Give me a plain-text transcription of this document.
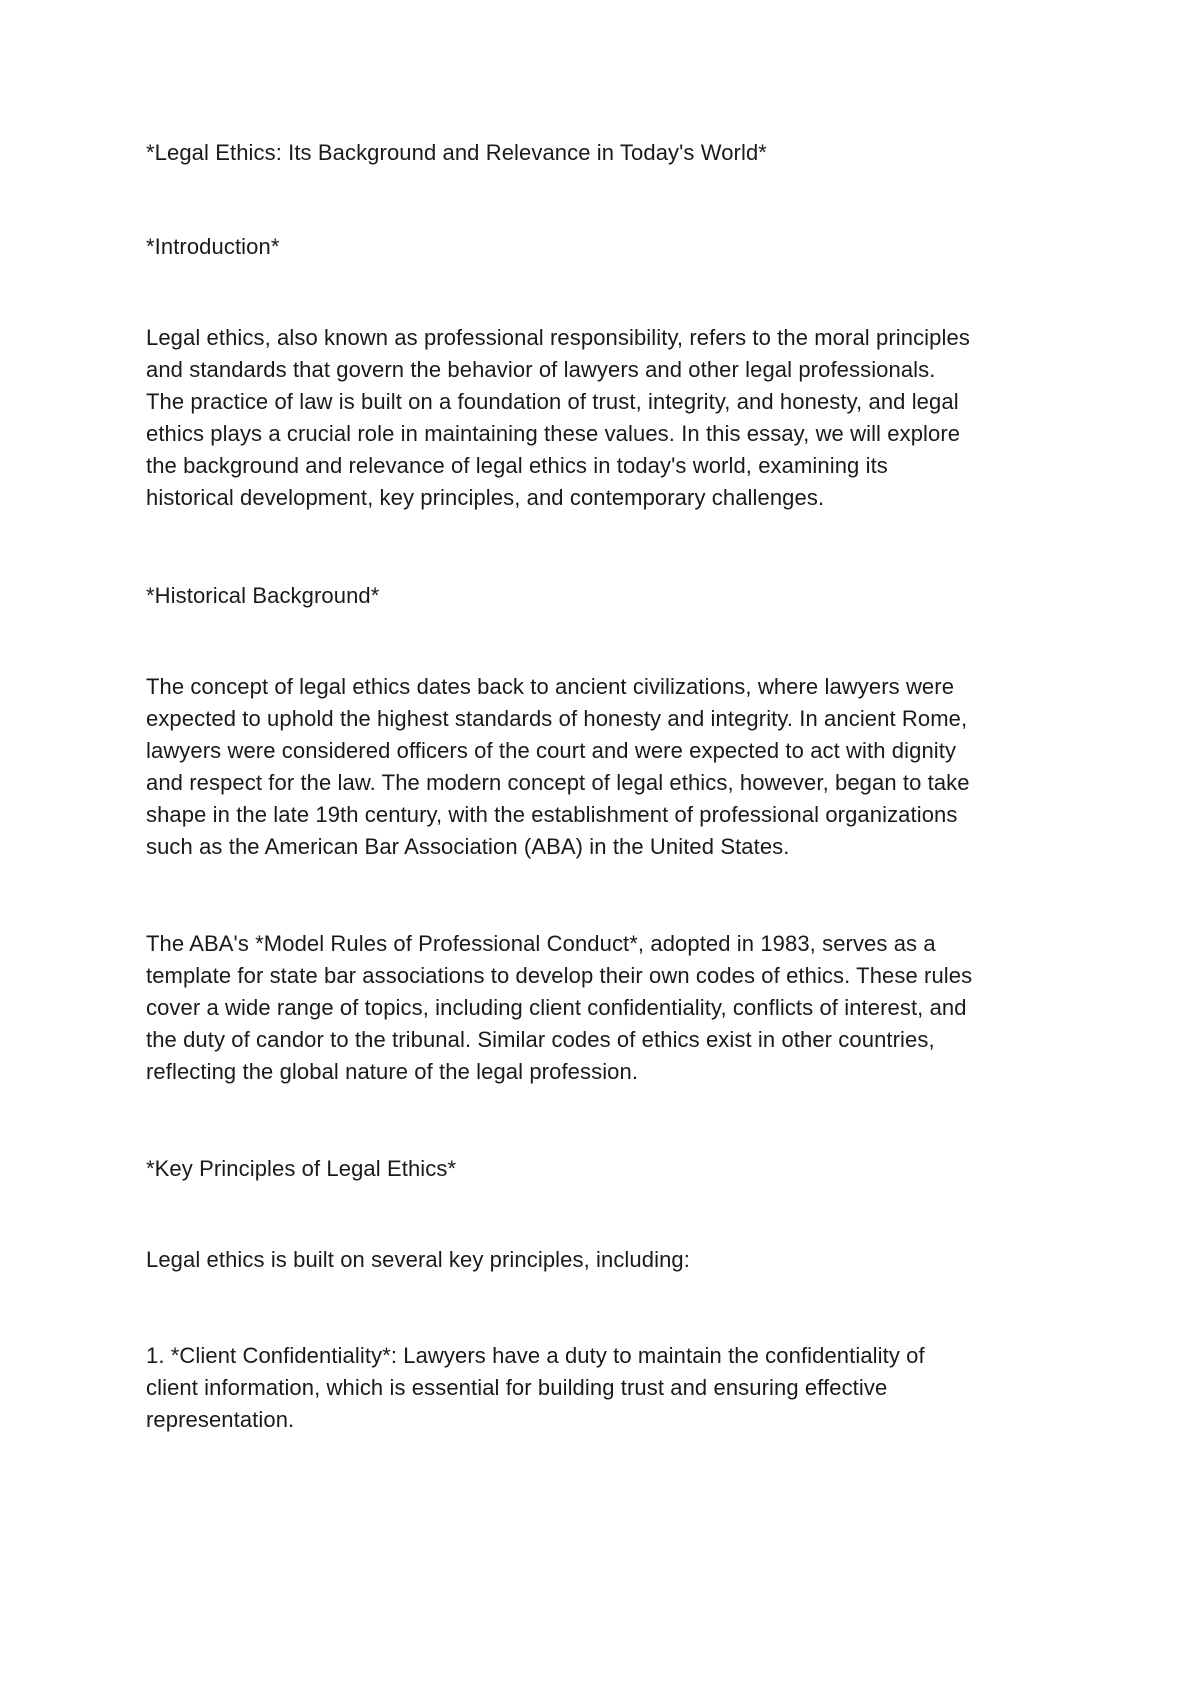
*Legal Ethics: Its Background and Relevance in Today's World*
*Introduction*
Legal ethics, also known as professional responsibility, refers to the moral principles
and standards that govern the behavior of lawyers and other legal professionals.
The practice of law is built on a foundation of trust, integrity, and honesty, and legal
ethics plays a crucial role in maintaining these values. In this essay, we will explore
the background and relevance of legal ethics in today's world, examining its
historical development, key principles, and contemporary challenges.
*Historical Background*
The concept of legal ethics dates back to ancient civilizations, where lawyers were
expected to uphold the highest standards of honesty and integrity. In ancient Rome,
lawyers were considered officers of the court and were expected to act with dignity
and respect for the law. The modern concept of legal ethics, however, began to take
shape in the late 19th century, with the establishment of professional organizations
such as the American Bar Association (ABA) in the United States.
The ABA's *Model Rules of Professional Conduct*, adopted in 1983, serves as a
template for state bar associations to develop their own codes of ethics. These rules
cover a wide range of topics, including client confidentiality, conflicts of interest, and
the duty of candor to the tribunal. Similar codes of ethics exist in other countries,
reflecting the global nature of the legal profession.
*Key Principles of Legal Ethics*
Legal ethics is built on several key principles, including:
1. *Client Confidentiality*: Lawyers have a duty to maintain the confidentiality of
client information, which is essential for building trust and ensuring effective
representation.
